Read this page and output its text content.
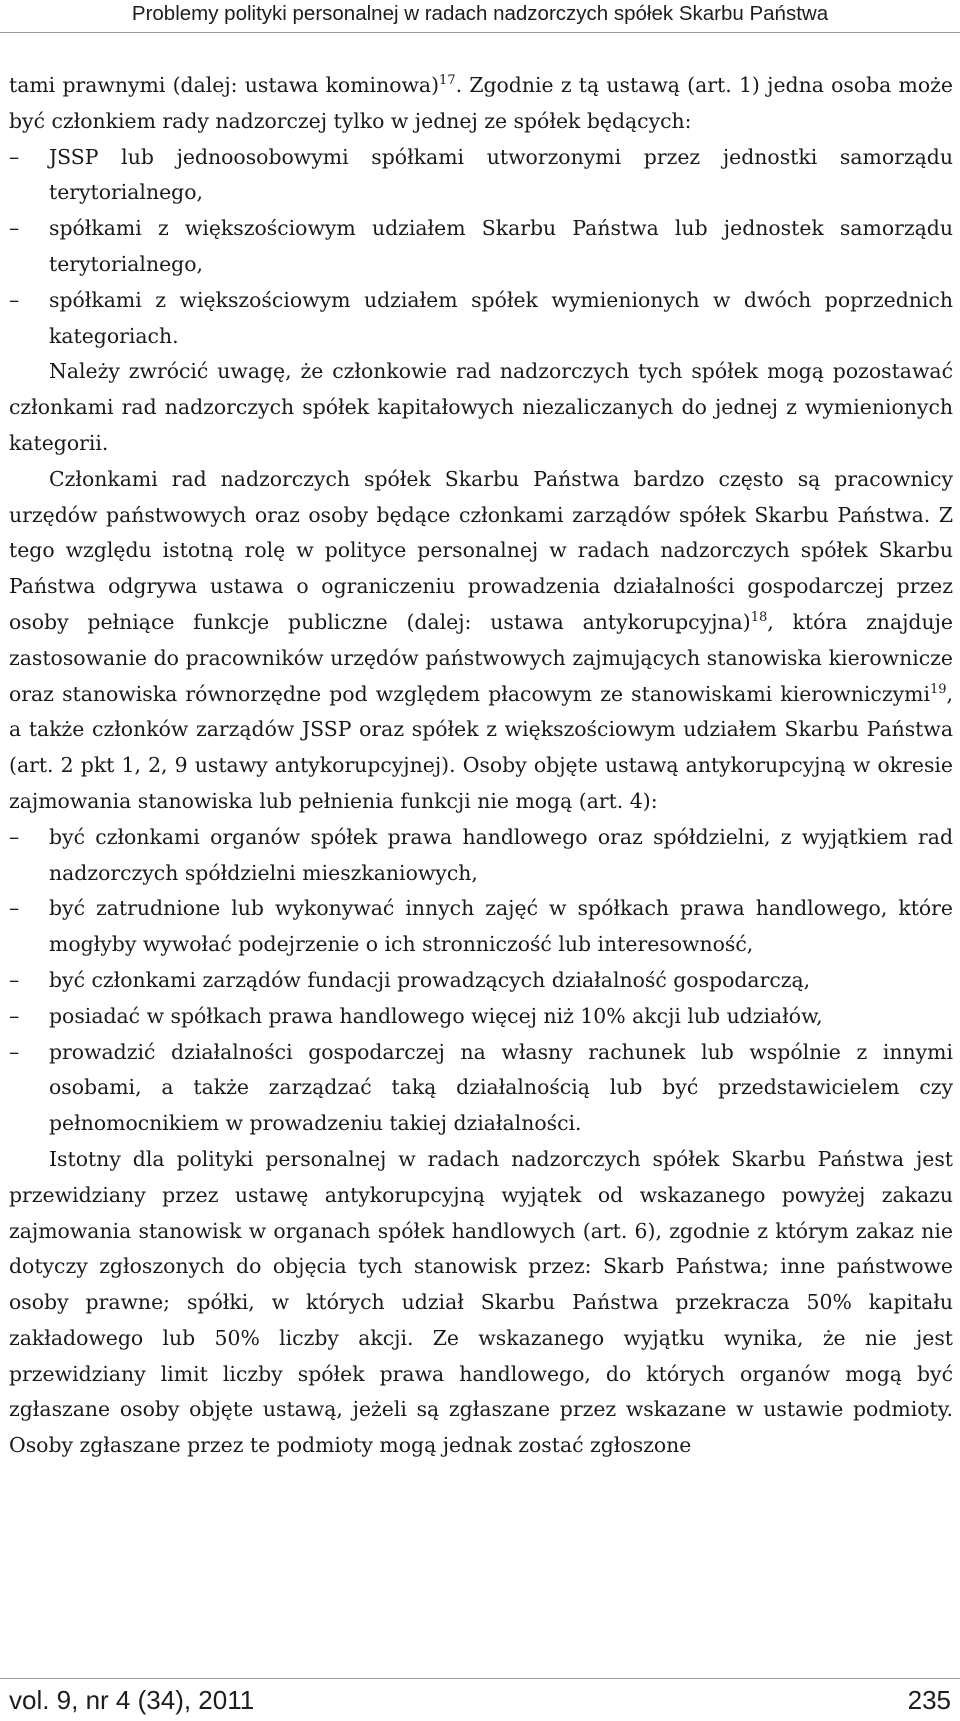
Problemy polityki personalnej w radach nadzorczych spółek Skarbu Państwa

tami prawnymi (dalej: ustawa kominowa)$^{17}$. Zgodnie z tą ustawą (art. 1) jedna osoba może być członkiem rady nadzorczej tylko w jednej ze spółek będących:

– JSSP lub jednoosobowymi spółkami utworzonymi przez jednostki samorządu terytorialnego,

– spółkami z większościowym udziałem Skarbu Państwa lub jednostek samorządu terytorialnego,

– spółkami z większościowym udziałem spółek wymienionych w dwóch poprzednich kategoriach.

Należy zwrócić uwagę, że członkowie rad nadzorczych tych spółek mogą pozostawać członkami rad nadzorczych spółek kapitałowych niezaliczanych do jednej z wymienionych kategorii.

Członkami rad nadzorczych spółek Skarbu Państwa bardzo często są pracownicy urzędów państwowych oraz osoby będące członkami zarządów spółek Skarbu Państwa. Z tego względu istotną rolę w polityce personalnej w radach nadzorczych spółek Skarbu Państwa odgrywa ustawa o ograniczeniu prowadzenia działalności gospodarczej przez osoby pełniące funkcje publiczne (dalej: ustawa antykorupcyjna)$^{18}$, która znajduje zastosowanie do pracowników urzędów państwowych zajmujących stanowiska kierownicze oraz stanowiska równorzędne pod względem płacowym ze stanowiskami kierowniczymi$^{19}$, a także członków zarządów JSSP oraz spółek z większościowym udziałem Skarbu Państwa (art. 2 pkt 1, 2, 9 ustawy antykorupcyjnej). Osoby objęte ustawą antykorupcyjną w okresie zajmowania stanowiska lub pełnienia funkcji nie mogą (art. 4):

– być członkami organów spółek prawa handlowego oraz spółdzielni, z wyjątkiem rad nadzorczych spółdzielni mieszkaniowych,

– być zatrudnione lub wykonywać innych zajęć w spółkach prawa handlowego, które mogłyby wywołać podejrzenie o ich stronniczość lub interesowność,

– być członkami zarządów fundacji prowadzących działalność gospodarczą,

– posiadać w spółkach prawa handlowego więcej niż 10% akcji lub udziałów,

– prowadzić działalności gospodarczej na własny rachunek lub wspólnie z innymi osobami, a także zarządzać taką działalnością lub być przedstawicielem czy pełnomocnikiem w prowadzeniu takiej działalności.

Istotny dla polityki personalnej w radach nadzorczych spółek Skarbu Państwa jest przewidziany przez ustawę antykorupcyjną wyjątek od wskazanego powyżej zakazu zajmowania stanowisk w organach spółek handlowych (art. 6), zgodnie z którym zakaz nie dotyczy zgłoszonych do objęcia tych stanowisk przez: Skarb Państwa; inne państwowe osoby prawne; spółki, w których udział Skarbu Państwa przekracza 50% kapitału zakładowego lub 50% liczby akcji. Ze wskazanego wyjątku wynika, że nie jest przewidziany limit liczby spółek prawa handlowego, do których organów mogą być zgłaszane osoby objęte ustawą, jeżeli są zgłaszane przez wskazane w ustawie podmioty. Osoby zgłaszane przez te podmioty mogą jednak zostać zgłoszone

vol. 9, nr 4 (34), 2011	235
